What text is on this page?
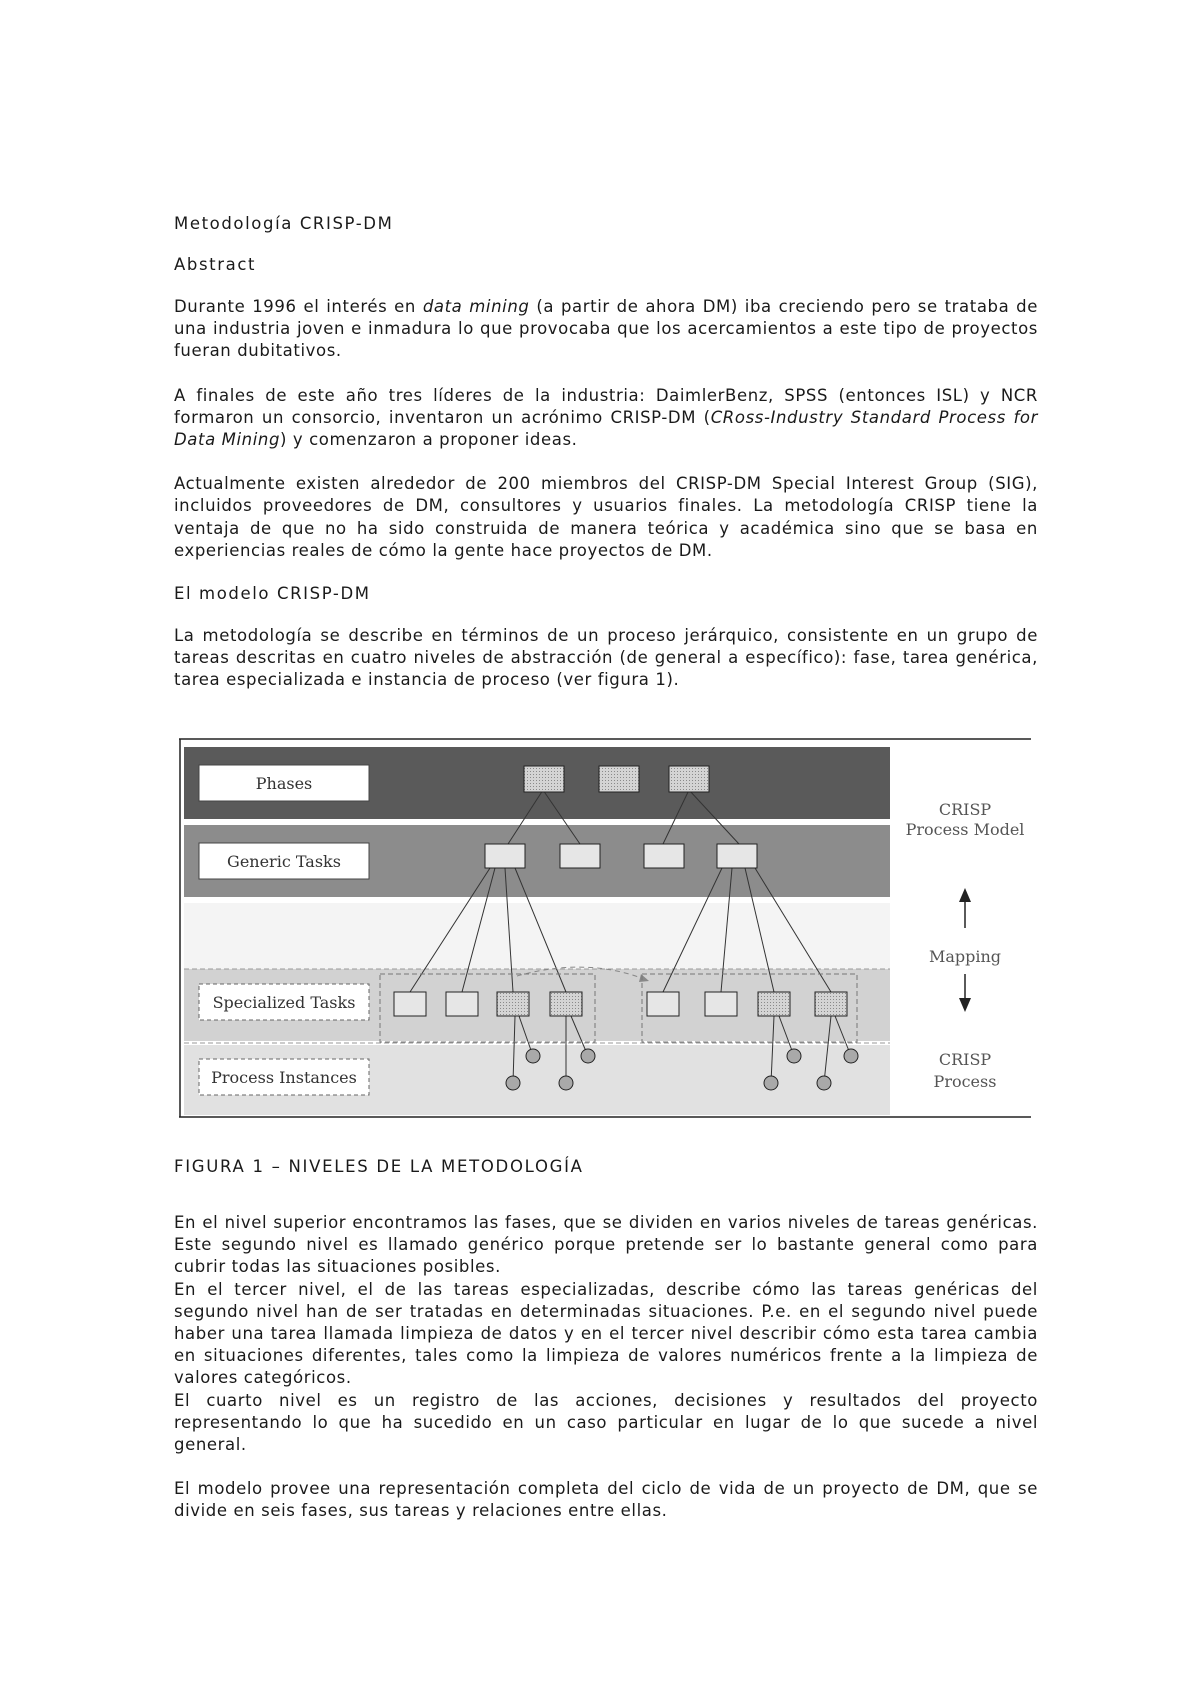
Metodología CRISP-DM

Abstract

Durante 1996 el interés en data mining (a partir de ahora DM) iba creciendo pero se trataba de una industria joven e inmadura lo que provocaba que los acercamientos a este tipo de proyectos fueran dubitativos.

A finales de este año tres líderes de la industria: DaimlerBenz, SPSS (entonces ISL) y NCR formaron un consorcio, inventaron un acrónimo CRISP-DM (CRoss-Industry Standard Process for Data Mining) y comenzaron a proponer ideas.

Actualmente existen alrededor de 200 miembros del CRISP-DM Special Interest Group (SIG), incluidos proveedores de DM, consultores y usuarios finales. La metodología CRISP tiene la ventaja de que no ha sido construida de manera teórica y académica sino que se basa en experiencias reales de cómo la gente hace proyectos de DM.

El modelo CRISP-DM

La metodología se describe en términos de un proceso jerárquico, consistente en un grupo de tareas descritas en cuatro niveles de abstracción (de general a específico): fase, tarea genérica, tarea especializada e instancia de proceso (ver figura 1).

Phases
Generic Tasks
Specialized Tasks
Process Instances
CRISP
Process Model
Mapping
CRISP
Process

FIGURA 1 – NIVELES DE LA METODOLOGÍA

En el nivel superior encontramos las fases, que se dividen en varios niveles de tareas genéricas. Este segundo nivel es llamado genérico porque pretende ser lo bastante general como para cubrir todas las situaciones posibles.

En el tercer nivel, el de las tareas especializadas, describe cómo las tareas genéricas del segundo nivel han de ser tratadas en determinadas situaciones. P.e. en el segundo nivel puede haber una tarea llamada limpieza de datos y en el tercer nivel describir cómo esta tarea cambia en situaciones diferentes, tales como la limpieza de valores numéricos frente a la limpieza de valores categóricos.

El cuarto nivel es un registro de las acciones, decisiones y resultados del proyecto representando lo que ha sucedido en un caso particular en lugar de lo que sucede a nivel general.

El modelo provee una representación completa del ciclo de vida de un proyecto de DM, que se divide en seis fases, sus tareas y relaciones entre ellas.
